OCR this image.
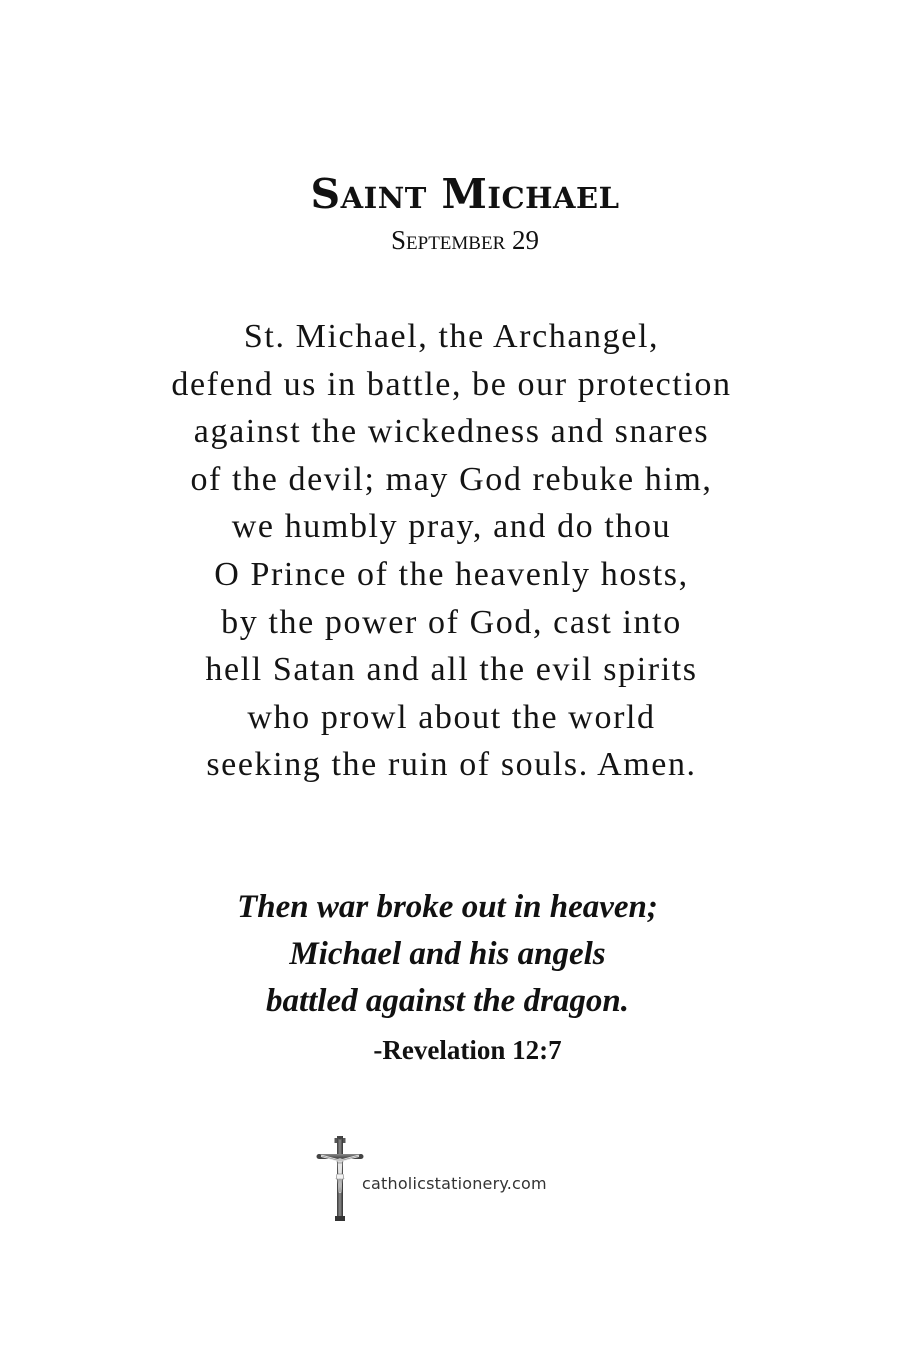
Saint Michael
September 29
St. Michael, the Archangel,
defend us in battle, be our protection
against the wickedness and snares
of the devil; may God rebuke him,
we humbly pray, and do thou
O Prince of the heavenly hosts,
by the power of God, cast into
hell Satan and all the evil spirits
who prowl about the world
seeking the ruin of souls. Amen.
Then war broke out in heaven;
Michael and his angels
battled against the dragon.
-Revelation 12:7
catholicstationery.com
